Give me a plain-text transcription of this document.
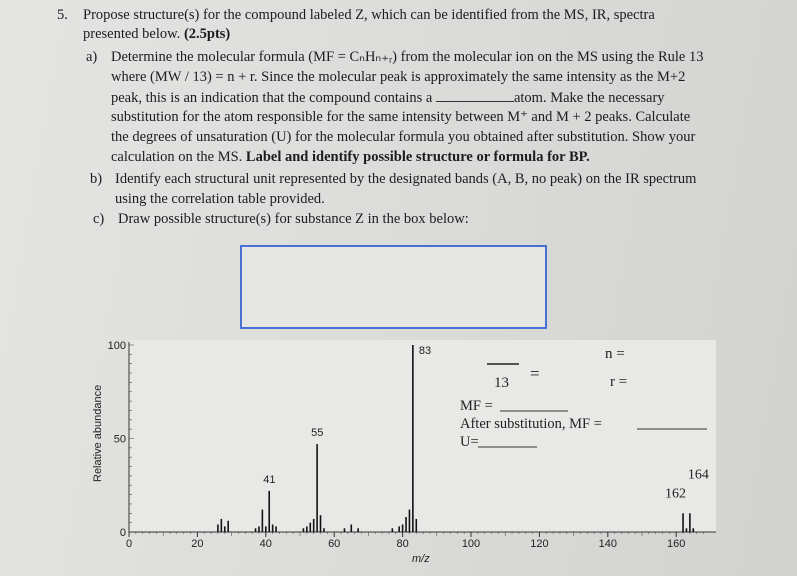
5. Propose structure(s) for the compound labeled Z, which can be identified from the MS, IR, spectra
presented below. (2.5pts)
a) Determine the molecular formula (MF = CₙHₙ₊ᵣ) from the molecular ion on the MS using the Rule 13
where (MW / 13) = n + r. Since the molecular peak is approximately the same intensity as the M+2
peak, this is an indication that the compound contains a	atom. Make the necessary
substitution for the atom responsible for the same intensity between M⁺ and M + 2 peaks. Calculate
the degrees of unsaturation (U) for the molecular formula you obtained after substitution. Show your
calculation on the MS. Label and identify possible structure or formula for BP.
b) Identify each structural unit represented by the designated bands (A, B, no peak) on the IR spectrum
using the correlation table provided.
c) Draw possible structure(s) for substance Z in the box below:
0	20	40	60	80	100	120	140	160
0
50
100
41
55
83
162
164
Relative abundance
m/z
13 =
n =
r =
MF =
After substitution, MF =
U=
